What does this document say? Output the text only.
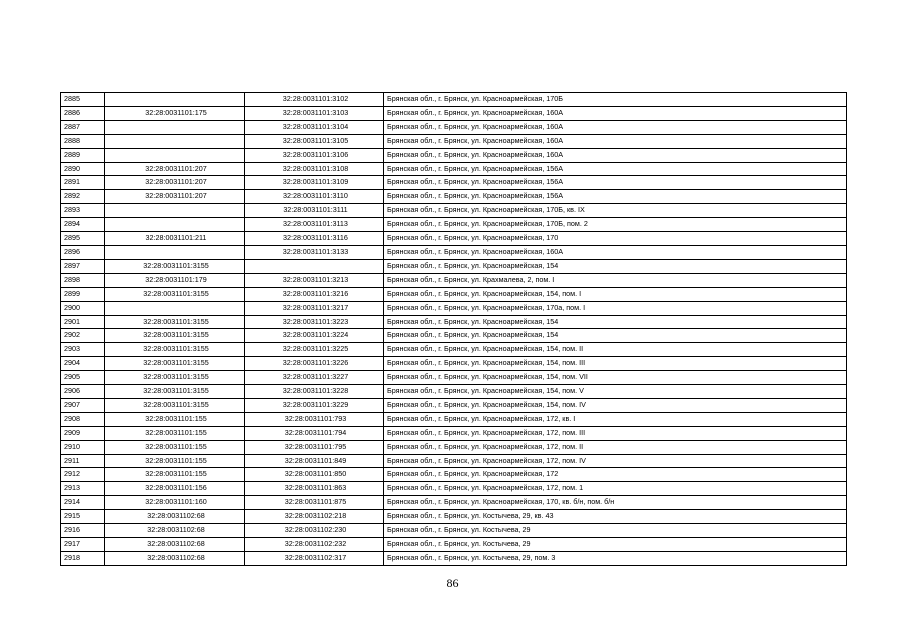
2885		32:28:0031101:3102	Брянская обл., г. Брянск, ул. Красноармейская, 170Б
2886	32:28:0031101:175	32:28:0031101:3103	Брянская обл., г. Брянск, ул. Красноармейская, 160А
2887		32:28:0031101:3104	Брянская обл., г. Брянск, ул. Красноармейская, 160А
2888		32:28:0031101:3105	Брянская обл., г. Брянск, ул. Красноармейская, 160А
2889		32:28:0031101:3106	Брянская обл., г. Брянск, ул. Красноармейская, 160А
2890	32:28:0031101:207	32:28:0031101:3108	Брянская обл., г. Брянск, ул. Красноармейская, 156А
2891	32:28:0031101:207	32:28:0031101:3109	Брянская обл., г. Брянск, ул. Красноармейская, 156А
2892	32:28:0031101:207	32:28:0031101:3110	Брянская обл., г. Брянск, ул. Красноармейская, 156А
2893		32:28:0031101:3111	Брянская обл., г. Брянск, ул. Красноармейская, 170Б, кв. IX
2894		32:28:0031101:3113	Брянская обл., г. Брянск, ул. Красноармейская, 170Б, пом. 2
2895	32:28:0031101:211	32:28:0031101:3116	Брянская обл., г. Брянск, ул. Красноармейская, 170
2896		32:28:0031101:3133	Брянская обл., г. Брянск, ул. Красноармейская, 160А
2897	32:28:0031101:3155		Брянская обл., г. Брянск, ул. Красноармейская, 154
2898	32:28:0031101:179	32:28:0031101:3213	Брянская обл., г. Брянск, ул. Крахмалева, 2, пом. I
2899	32:28:0031101:3155	32:28:0031101:3216	Брянская обл., г. Брянск, ул. Красноармейская, 154, пом. I
2900		32:28:0031101:3217	Брянская обл., г. Брянск, ул. Красноармейская, 170а, пом. I
2901	32:28:0031101:3155	32:28:0031101:3223	Брянская обл., г. Брянск, ул. Красноармейская, 154
2902	32:28:0031101:3155	32:28:0031101:3224	Брянская обл., г. Брянск, ул. Красноармейская, 154
2903	32:28:0031101:3155	32:28:0031101:3225	Брянская обл., г. Брянск, ул. Красноармейская, 154, пом. II
2904	32:28:0031101:3155	32:28:0031101:3226	Брянская обл., г. Брянск, ул. Красноармейская, 154, пом. III
2905	32:28:0031101:3155	32:28:0031101:3227	Брянская обл., г. Брянск, ул. Красноармейская, 154, пом. VII
2906	32:28:0031101:3155	32:28:0031101:3228	Брянская обл., г. Брянск, ул. Красноармейская, 154, пом. V
2907	32:28:0031101:3155	32:28:0031101:3229	Брянская обл., г. Брянск, ул. Красноармейская, 154, пом. IV
2908	32:28:0031101:155	32:28:0031101:793	Брянская обл., г. Брянск, ул. Красноармейская, 172, кв. I
2909	32:28:0031101:155	32:28:0031101:794	Брянская обл., г. Брянск, ул. Красноармейская, 172, пом. III
2910	32:28:0031101:155	32:28:0031101:795	Брянская обл., г. Брянск, ул. Красноармейская, 172, пом. II
2911	32:28:0031101:155	32:28:0031101:849	Брянская обл., г. Брянск, ул. Красноармейская, 172, пом. IV
2912	32:28:0031101:155	32:28:0031101:850	Брянская обл., г. Брянск, ул. Красноармейская, 172
2913	32:28:0031101:156	32:28:0031101:863	Брянская обл., г. Брянск, ул. Красноармейская, 172, пом. 1
2914	32:28:0031101:160	32:28:0031101:875	Брянская обл., г. Брянск, ул. Красноармейская, 170, кв. б/н, пом. б/н
2915	32:28:0031102:68	32:28:0031102:218	Брянская обл., г. Брянск, ул. Костычева, 29, кв. 43
2916	32:28:0031102:68	32:28:0031102:230	Брянская обл., г. Брянск, ул. Костычева, 29
2917	32:28:0031102:68	32:28:0031102:232	Брянская обл., г. Брянск, ул. Костычева, 29
2918	32:28:0031102:68	32:28:0031102:317	Брянская обл., г. Брянск, ул. Костычева, 29, пом. 3
86
